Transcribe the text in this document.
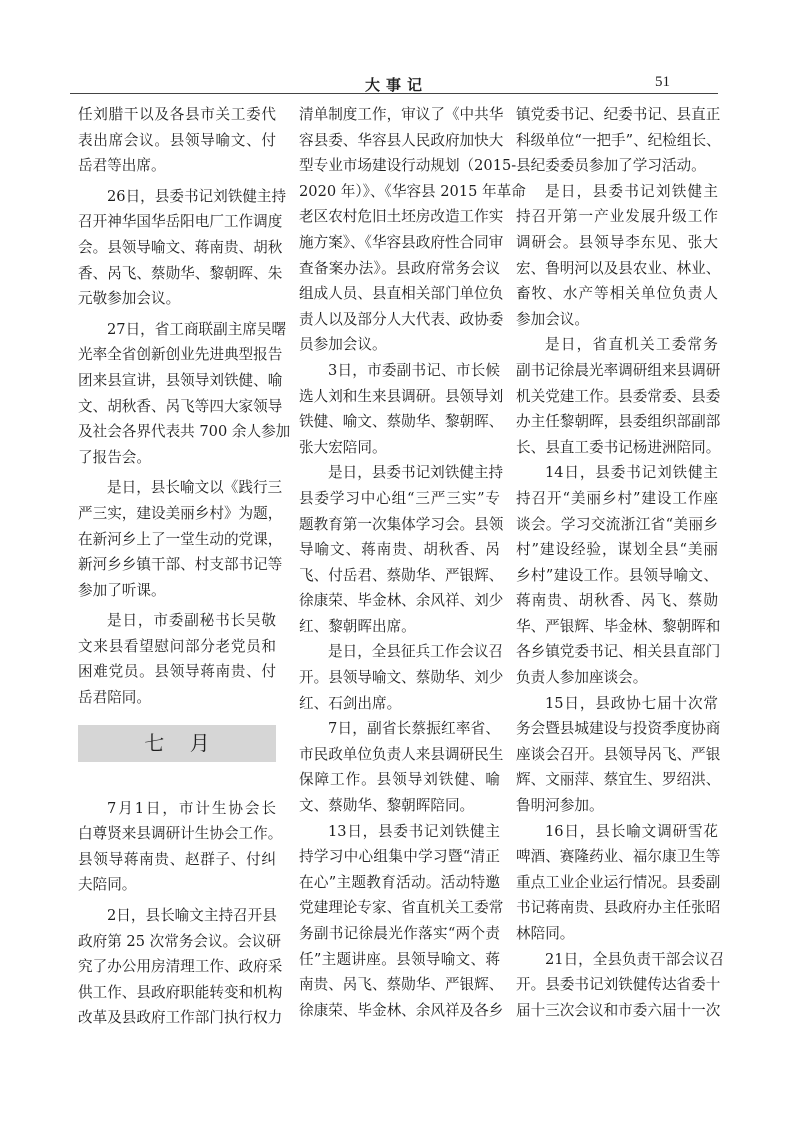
大事记	51
任刘腊干以及各县市关工委代
表出席会议。县领导喻文、付
岳君等出席。
26日，县委书记刘铁健主持
召开神华国华岳阳电厂工作调度
会。县领导喻文、蒋南贵、胡秋
香、呙飞、蔡勋华、黎朝晖、朱
元敬参加会议。
27日，省工商联副主席吴曙
光率全省创新创业先进典型报告
团来县宣讲，县领导刘铁健、喻
文、胡秋香、呙飞等四大家领导
及社会各界代表共 700 余人参加
了报告会。
是日，县长喻文以《践行三
严三实，建设美丽乡村》为题，
在新河乡上了一堂生动的党课，
新河乡乡镇干部、村支部书记等
参加了听课。
是日，市委副秘书长吴敬
文来县看望慰问部分老党员和
困难党员。县领导蒋南贵、付
岳君陪同。
七    月
7月1日，市计生协会长
白尊贤来县调研计生协会工作。
县领导蒋南贵、赵群子、付纠
夫陪同。
2日，县长喻文主持召开县
政府第 25 次常务会议。会议研
究了办公用房清理工作、政府采
供工作、县政府职能转变和机构
改革及县政府工作部门执行权力
清单制度工作，审议了《中共华
容县委、华容县人民政府加快大
型专业市场建设行动规划（2015-
2020 年）》、《华容县 2015 年革命
老区农村危旧土坯房改造工作实
施方案》、《华容县政府性合同审
查备案办法》。县政府常务会议
组成人员、县直相关部门单位负
责人以及部分人大代表、政协委
员参加会议。
3日，市委副书记、市长候
选人刘和生来县调研。县领导刘
铁健、喻文、蔡勋华、黎朝晖、
张大宏陪同。
是日，县委书记刘铁健主持
县委学习中心组“三严三实”专
题教育第一次集体学习会。县领
导喻文、蒋南贵、胡秋香、呙
飞、付岳君、蔡勋华、严银辉、
徐康荣、毕金林、余风祥、刘少
红、黎朝晖出席。
是日，全县征兵工作会议召
开。县领导喻文、蔡勋华、刘少
红、石剑出席。
7日，副省长蔡振红率省、
市民政单位负责人来县调研民生
保障工作。县领导刘铁健、喻
文、蔡勋华、黎朝晖陪同。
13日，县委书记刘铁健主
持学习中心组集中学习暨“清正
在心”主题教育活动。活动特邀
党建理论专家、省直机关工委常
务副书记徐晨光作落实“两个责
任”主题讲座。县领导喻文、蒋
南贵、呙飞、蔡勋华、严银辉、
徐康荣、毕金林、余风祥及各乡
镇党委书记、纪委书记、县直正
科级单位“一把手”、纪检组长、
县纪委委员参加了学习活动。
是日，县委书记刘铁健主
持召开第一产业发展升级工作
调研会。县领导李东见、张大
宏、鲁明河以及县农业、林业、
畜牧、水产等相关单位负责人
参加会议。
是日，省直机关工委常务
副书记徐晨光率调研组来县调研
机关党建工作。县委常委、县委
办主任黎朝晖，县委组织部副部
长、县直工委书记杨进洲陪同。
14日，县委书记刘铁健主
持召开“美丽乡村”建设工作座
谈会。学习交流浙江省“美丽乡
村”建设经验，谋划全县“美丽
乡村”建设工作。县领导喻文、
蒋南贵、胡秋香、呙飞、蔡勋
华、严银辉、毕金林、黎朝晖和
各乡镇党委书记、相关县直部门
负责人参加座谈会。
15日，县政协七届十次常
务会暨县城建设与投资季度协商
座谈会召开。县领导呙飞、严银
辉、文丽萍、蔡宜生、罗绍洪、
鲁明河参加。
16日，县长喻文调研雪花
啤酒、赛隆药业、福尔康卫生等
重点工业企业运行情况。县委副
书记蒋南贵、县政府办主任张昭
林陪同。
21日，全县负责干部会议召
开。县委书记刘铁健传达省委十
届十三次会议和市委六届十一次
